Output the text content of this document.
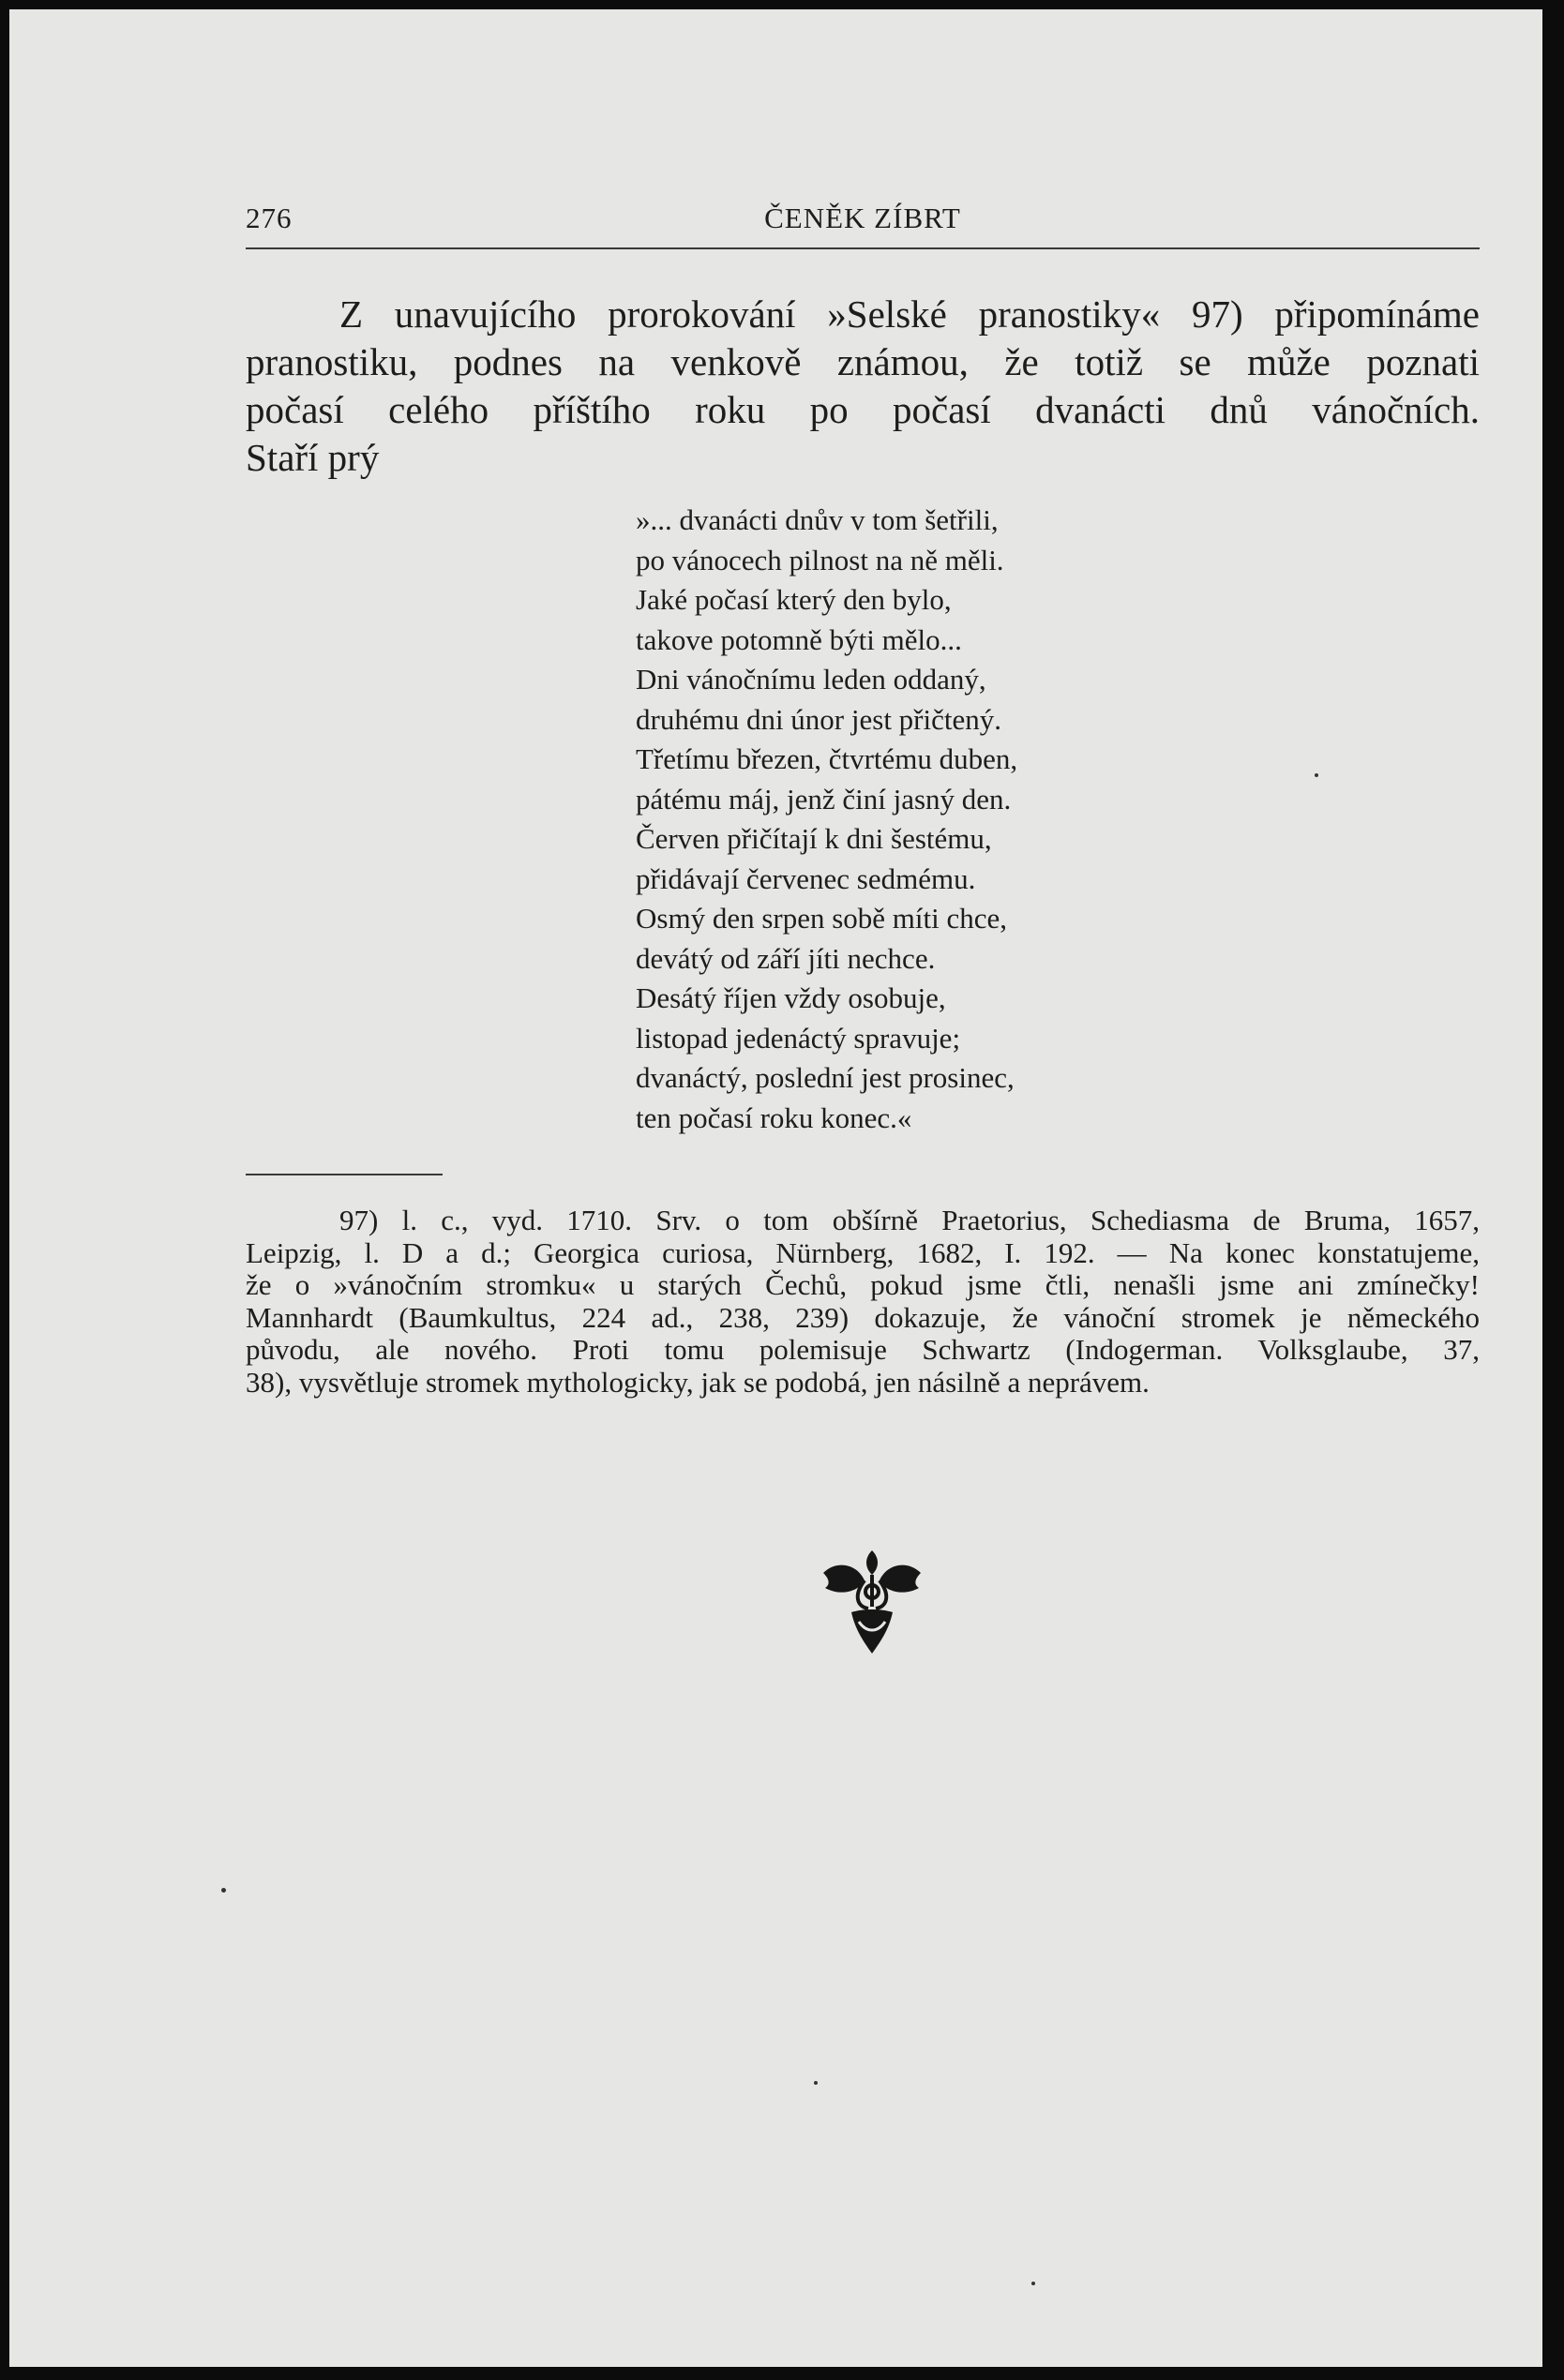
276	ČENĚK ZÍBRT

Z unavujícího prorokování »Selské pranostiky« 97) připomínáme
pranostiku, podnes na venkově známou, že totiž se může poznati
počasí celého příštího roku po počasí dvanácti dnů vánočních.
Staří prý

»... dvanácti dnův v tom šetřili,
po vánocech pilnost na ně měli.
Jaké počasí který den bylo,
takove potomně býti mělo...
Dni vánočnímu leden oddaný,
druhému dni únor jest přičtený.
Třetímu březen, čtvrtému duben,
pátému máj, jenž činí jasný den.
Červen přičítají k dni šestému,
přidávají červenec sedmému.
Osmý den srpen sobě míti chce,
devátý od září jíti nechce.
Desátý říjen vždy osobuje,
listopad jedenáctý spravuje;
dvanáctý, poslední jest prosinec,
ten počasí roku konec.«
97) l. c., vyd. 1710. Srv. o tom obšírně Praetorius, Schediasma de Bruma, 1657,
Leipzig, l. D a d.; Georgica curiosa, Nürnberg, 1682, I. 192. — Na konec konstatujeme,
že o »vánočním stromku« u starých Čechů, pokud jsme čtli, nenašli jsme ani zmínečky!
Mannhardt (Baumkultus, 224 ad., 238, 239) dokazuje, že vánoční stromek je německého
původu, ale nového. Proti tomu polemisuje Schwartz (Indogerman. Volksglaube, 37,
38), vysvětluje stromek mythologicky, jak se podobá, jen násilně a neprávem.
